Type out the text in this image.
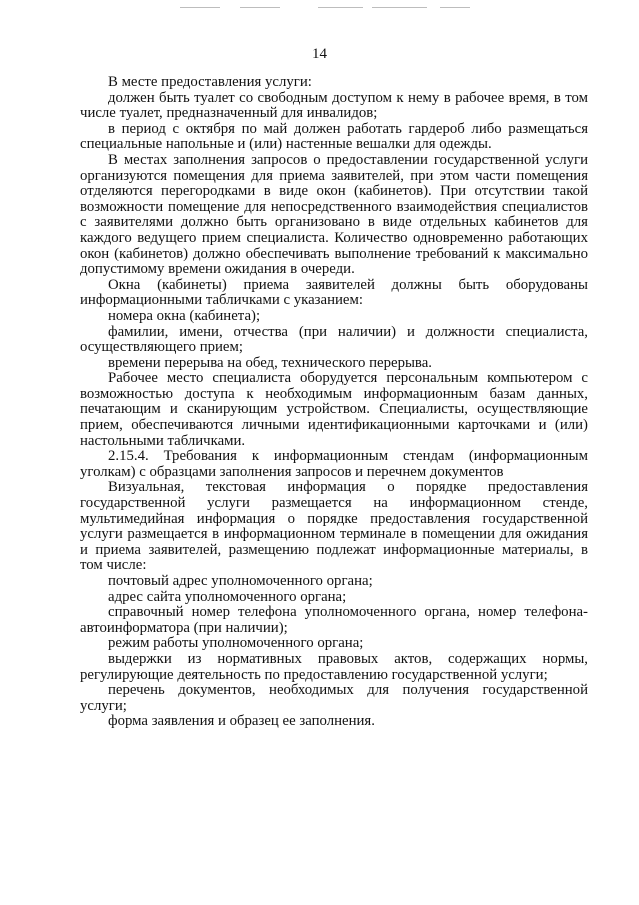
14

В месте предоставления услуги:

должен быть туалет со свободным доступом к нему в рабочее время, в том числе туалет, предназначенный для инвалидов;

в период с октября по май должен работать гардероб либо размещаться специальные напольные и (или) настенные вешалки для одежды.

В местах заполнения запросов о предоставлении государственной услуги организуются помещения для приема заявителей, при этом части помещения отделяются перегородками в виде окон (кабинетов). При отсутствии такой возможности помещение для непосредственного взаимодействия специалистов с заявителями должно быть организовано в виде отдельных кабинетов для каждого ведущего прием специалиста. Количество одновременно работающих окон (кабинетов) должно обеспечивать выполнение требований к максимально допустимому времени ожидания в очереди.

Окна (кабинеты) приема заявителей должны быть оборудованы информационными табличками с указанием:

номера окна (кабинета);

фамилии, имени, отчества (при наличии) и должности специалиста, осуществляющего прием;

времени перерыва на обед, технического перерыва.

Рабочее место специалиста оборудуется персональным компьютером с возможностью доступа к необходимым информационным базам данных, печатающим и сканирующим устройством. Специалисты, осуществляющие прием, обеспечиваются личными идентификационными карточками и (или) настольными табличками.

2.15.4. Требования к информационным стендам (информационным уголкам) с образцами заполнения запросов и перечнем документов

Визуальная, текстовая информация о порядке предоставления государственной услуги размещается на информационном стенде, мультимедийная информация о порядке предоставления государственной услуги размещается в информационном терминале в помещении для ожидания и приема заявителей, размещению подлежат информационные материалы, в том числе:

почтовый адрес уполномоченного органа;

адрес сайта уполномоченного органа;

справочный номер телефона уполномоченного органа, номер телефона-автоинформатора (при наличии);

режим работы уполномоченного органа;

выдержки из нормативных правовых актов, содержащих нормы, регулирующие деятельность по предоставлению государственной услуги;

перечень документов, необходимых для получения государственной услуги;

форма заявления и образец ее заполнения.
